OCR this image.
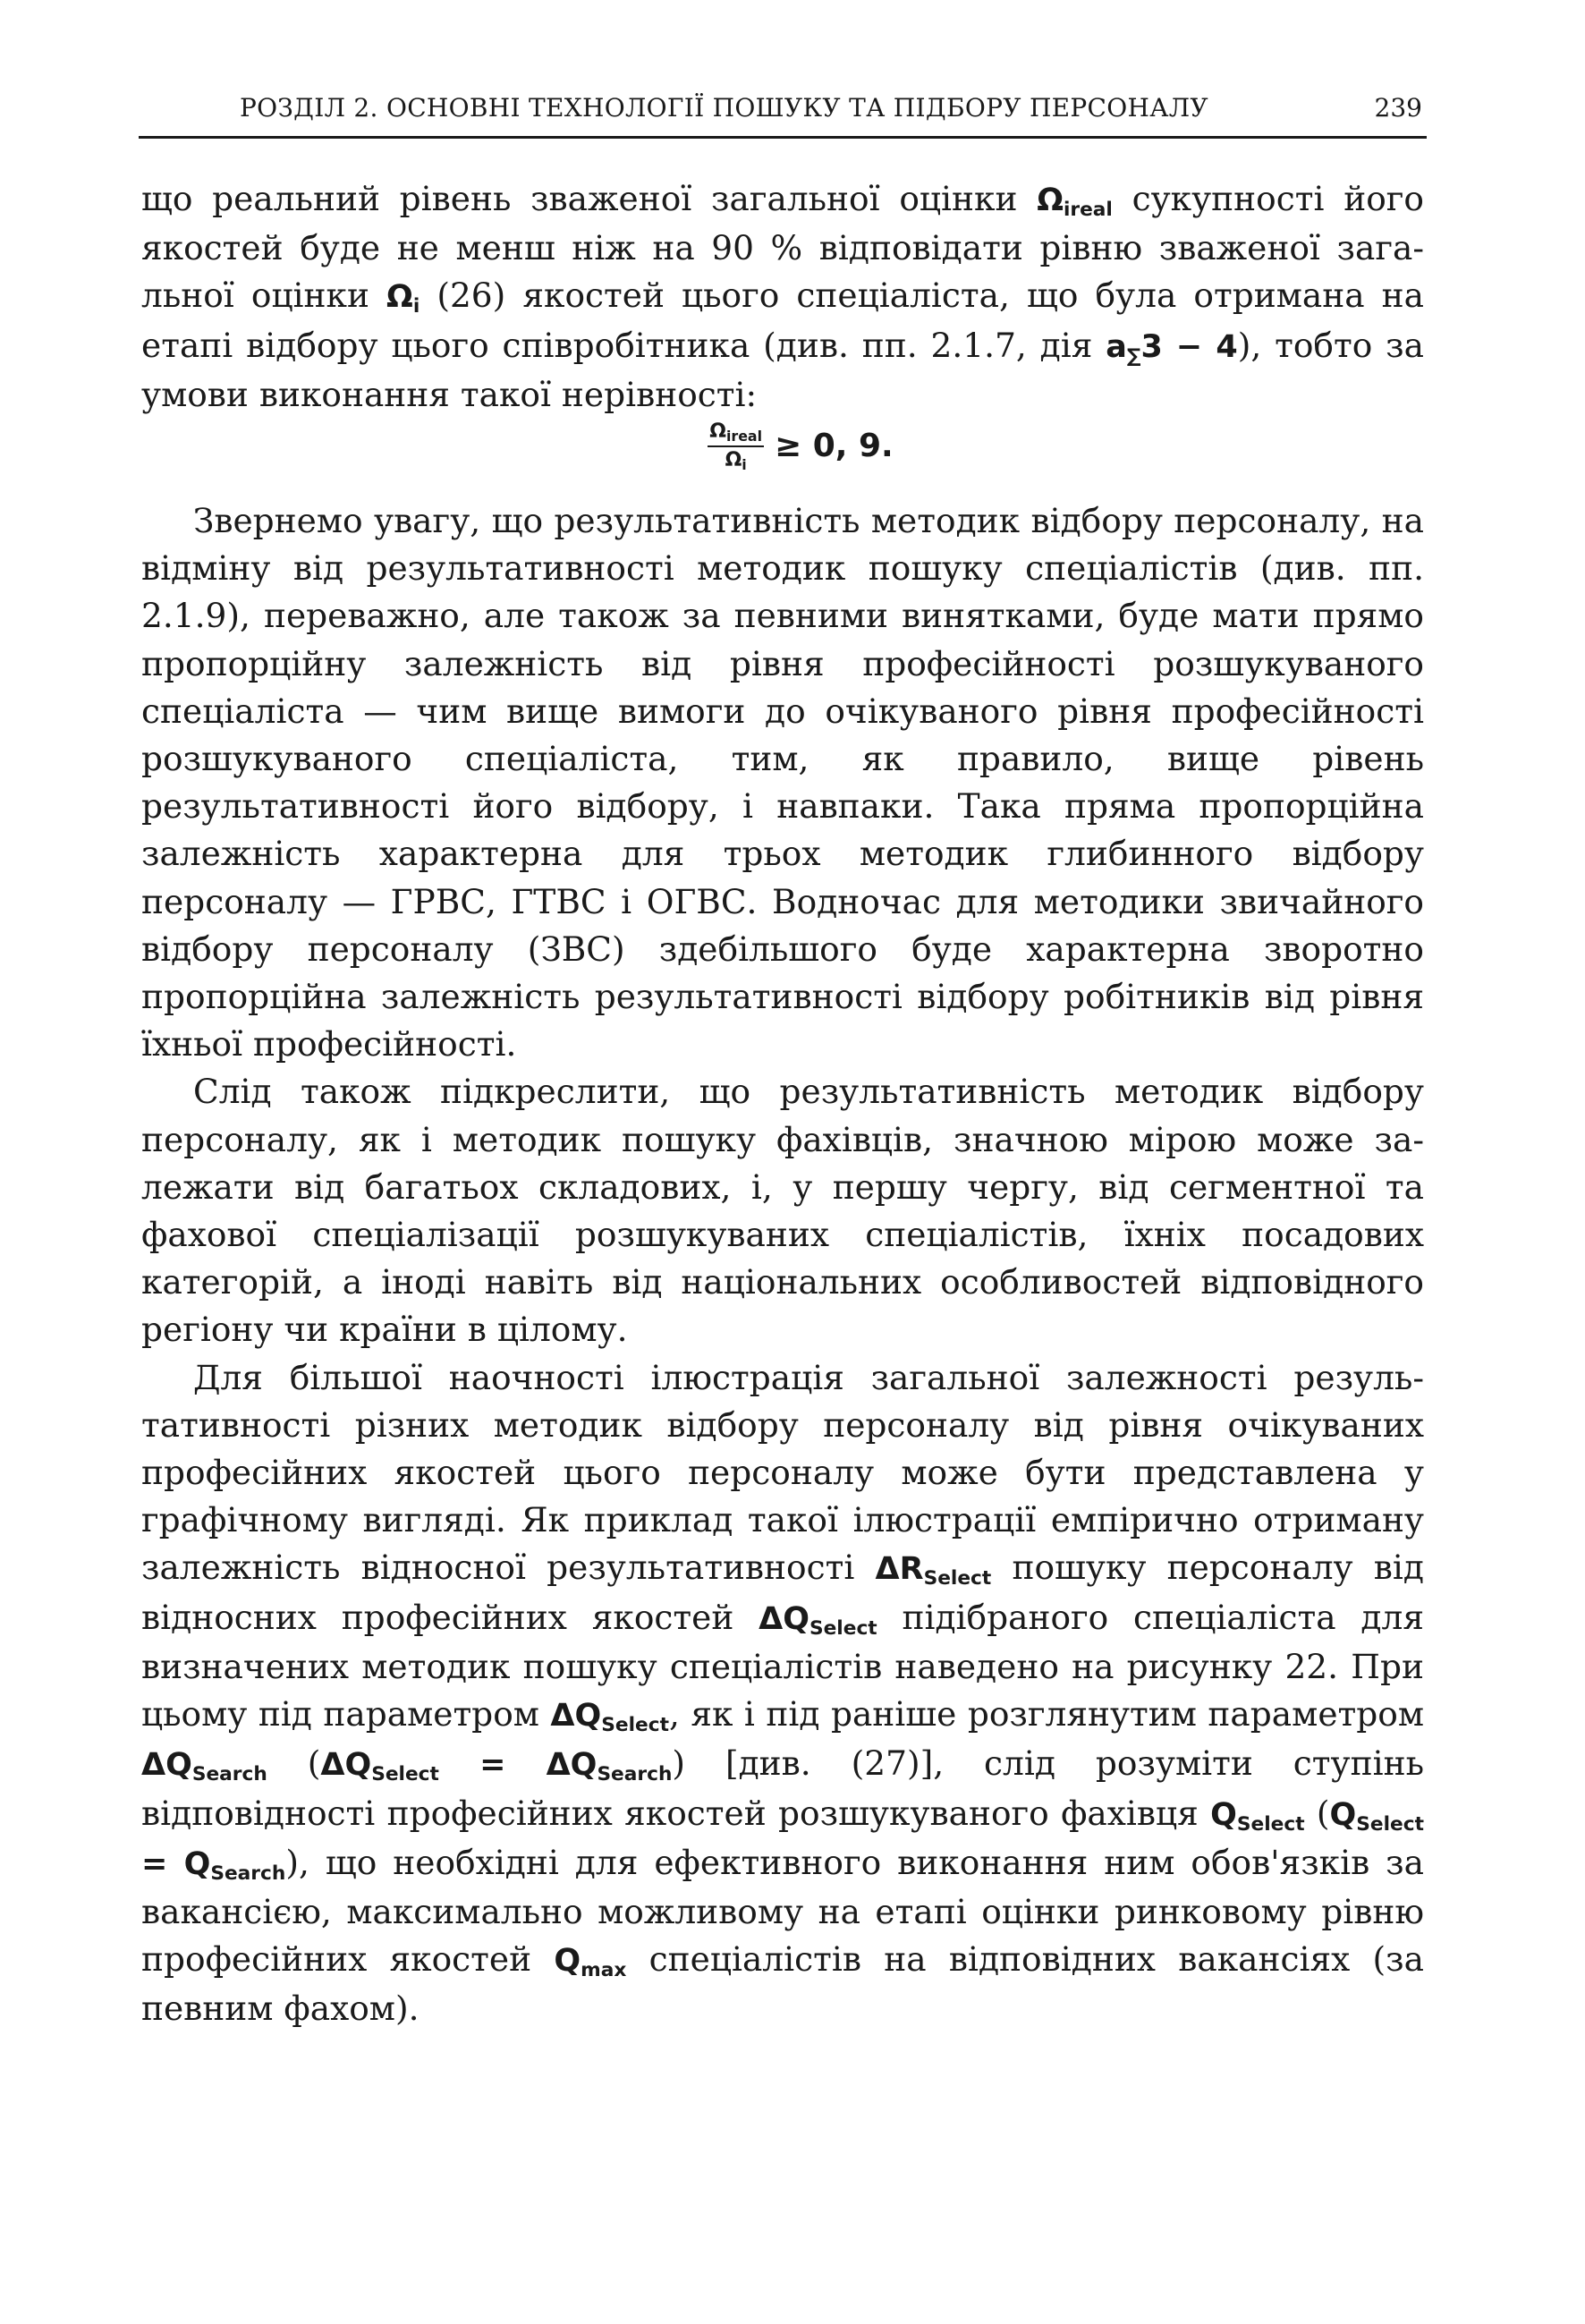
РОЗДІЛ 2. ОСНОВНІ ТЕХНОЛОГІЇ ПОШУКУ ТА ПІДБОРУ ПЕРСОНАЛУ	239

що реальний рівень зваженої загальної оцінки $\Omega_{ireal}$ сукупності його якостей буде не менш ніж на 90 % відповідати рівню зваженої загальної оцінки $\Omega_i$ (26) якостей цього спеціаліста, що була отримана на етапі відбору цього співробітника (див. пп. 2.1.7, дія $a_\sum 3 - 4$), тобто за умови виконання такої нерівності:

$\frac{\Omega_{ireal}}{\Omega_i} \ge 0$, 9.

Звернемо увагу, що результативність методик відбору персоналу, на відміну від результативності методик пошуку спеціалістів (див. пп. 2.1.9), переважно, але також за певними винятками, буде мати прямо пропорційну залежність від рівня професійності розшукуваного спеціаліста — чим вище вимоги до очікуваного рівня професійності розшукуваного спеціаліста, тим, як правило, вище рівень результативності його відбору, і навпаки. Така пряма пропорційна залежність характерна для трьох методик глибинного відбору персоналу — ГРВС, ГТВС і ОГВС. Водночас для методики звичайного відбору персоналу (ЗВС) здебільшого буде характерна зворотно пропорційна залежність результативності відбору робітників від рівня їхньої професійності.

Слід також підкреслити, що результативність методик відбору персоналу, як і методик пошуку фахівців, значною мірою може залежати від багатьох складових, і, у першу чергу, від сегментної та фахової спеціалізації розшукуваних спеціалістів, їхніх посадових категорій, а іноді навіть від національних особливостей відповідного регіону чи країни в цілому.

Для більшої наочності ілюстрація загальної залежності результативності різних методик відбору персоналу від рівня очікуваних професійних якостей цього персоналу може бути представлена у графічному вигляді. Як приклад такої ілюстрації емпірично отриману залежність відносної результативності $\Delta R_{Select}$ пошуку персоналу від відносних професійних якостей $\Delta Q_{Select}$ підібраного спеціаліста для визначених методик пошуку спеціалістів наведено на рисунку 22. При цьому під параметром $\Delta Q_{Select}$, як і під раніше розглянутим параметром $\Delta Q_{Search}$ $(\Delta Q_{Select} = \Delta Q_{Search})$ [див. (27)], слід розуміти ступінь відповідності професійних якостей розшукуваного фахівця $Q_{Select}$ $(Q_{Select} = Q_{Search})$, що необхідні для ефективного виконання ним обов'язків за вакансією, максимально можливому на етапі оцінки ринковому рівню професійних якостей $Q_{max}$ спеціалістів на відповідних вакансіях (за певним фахом).
